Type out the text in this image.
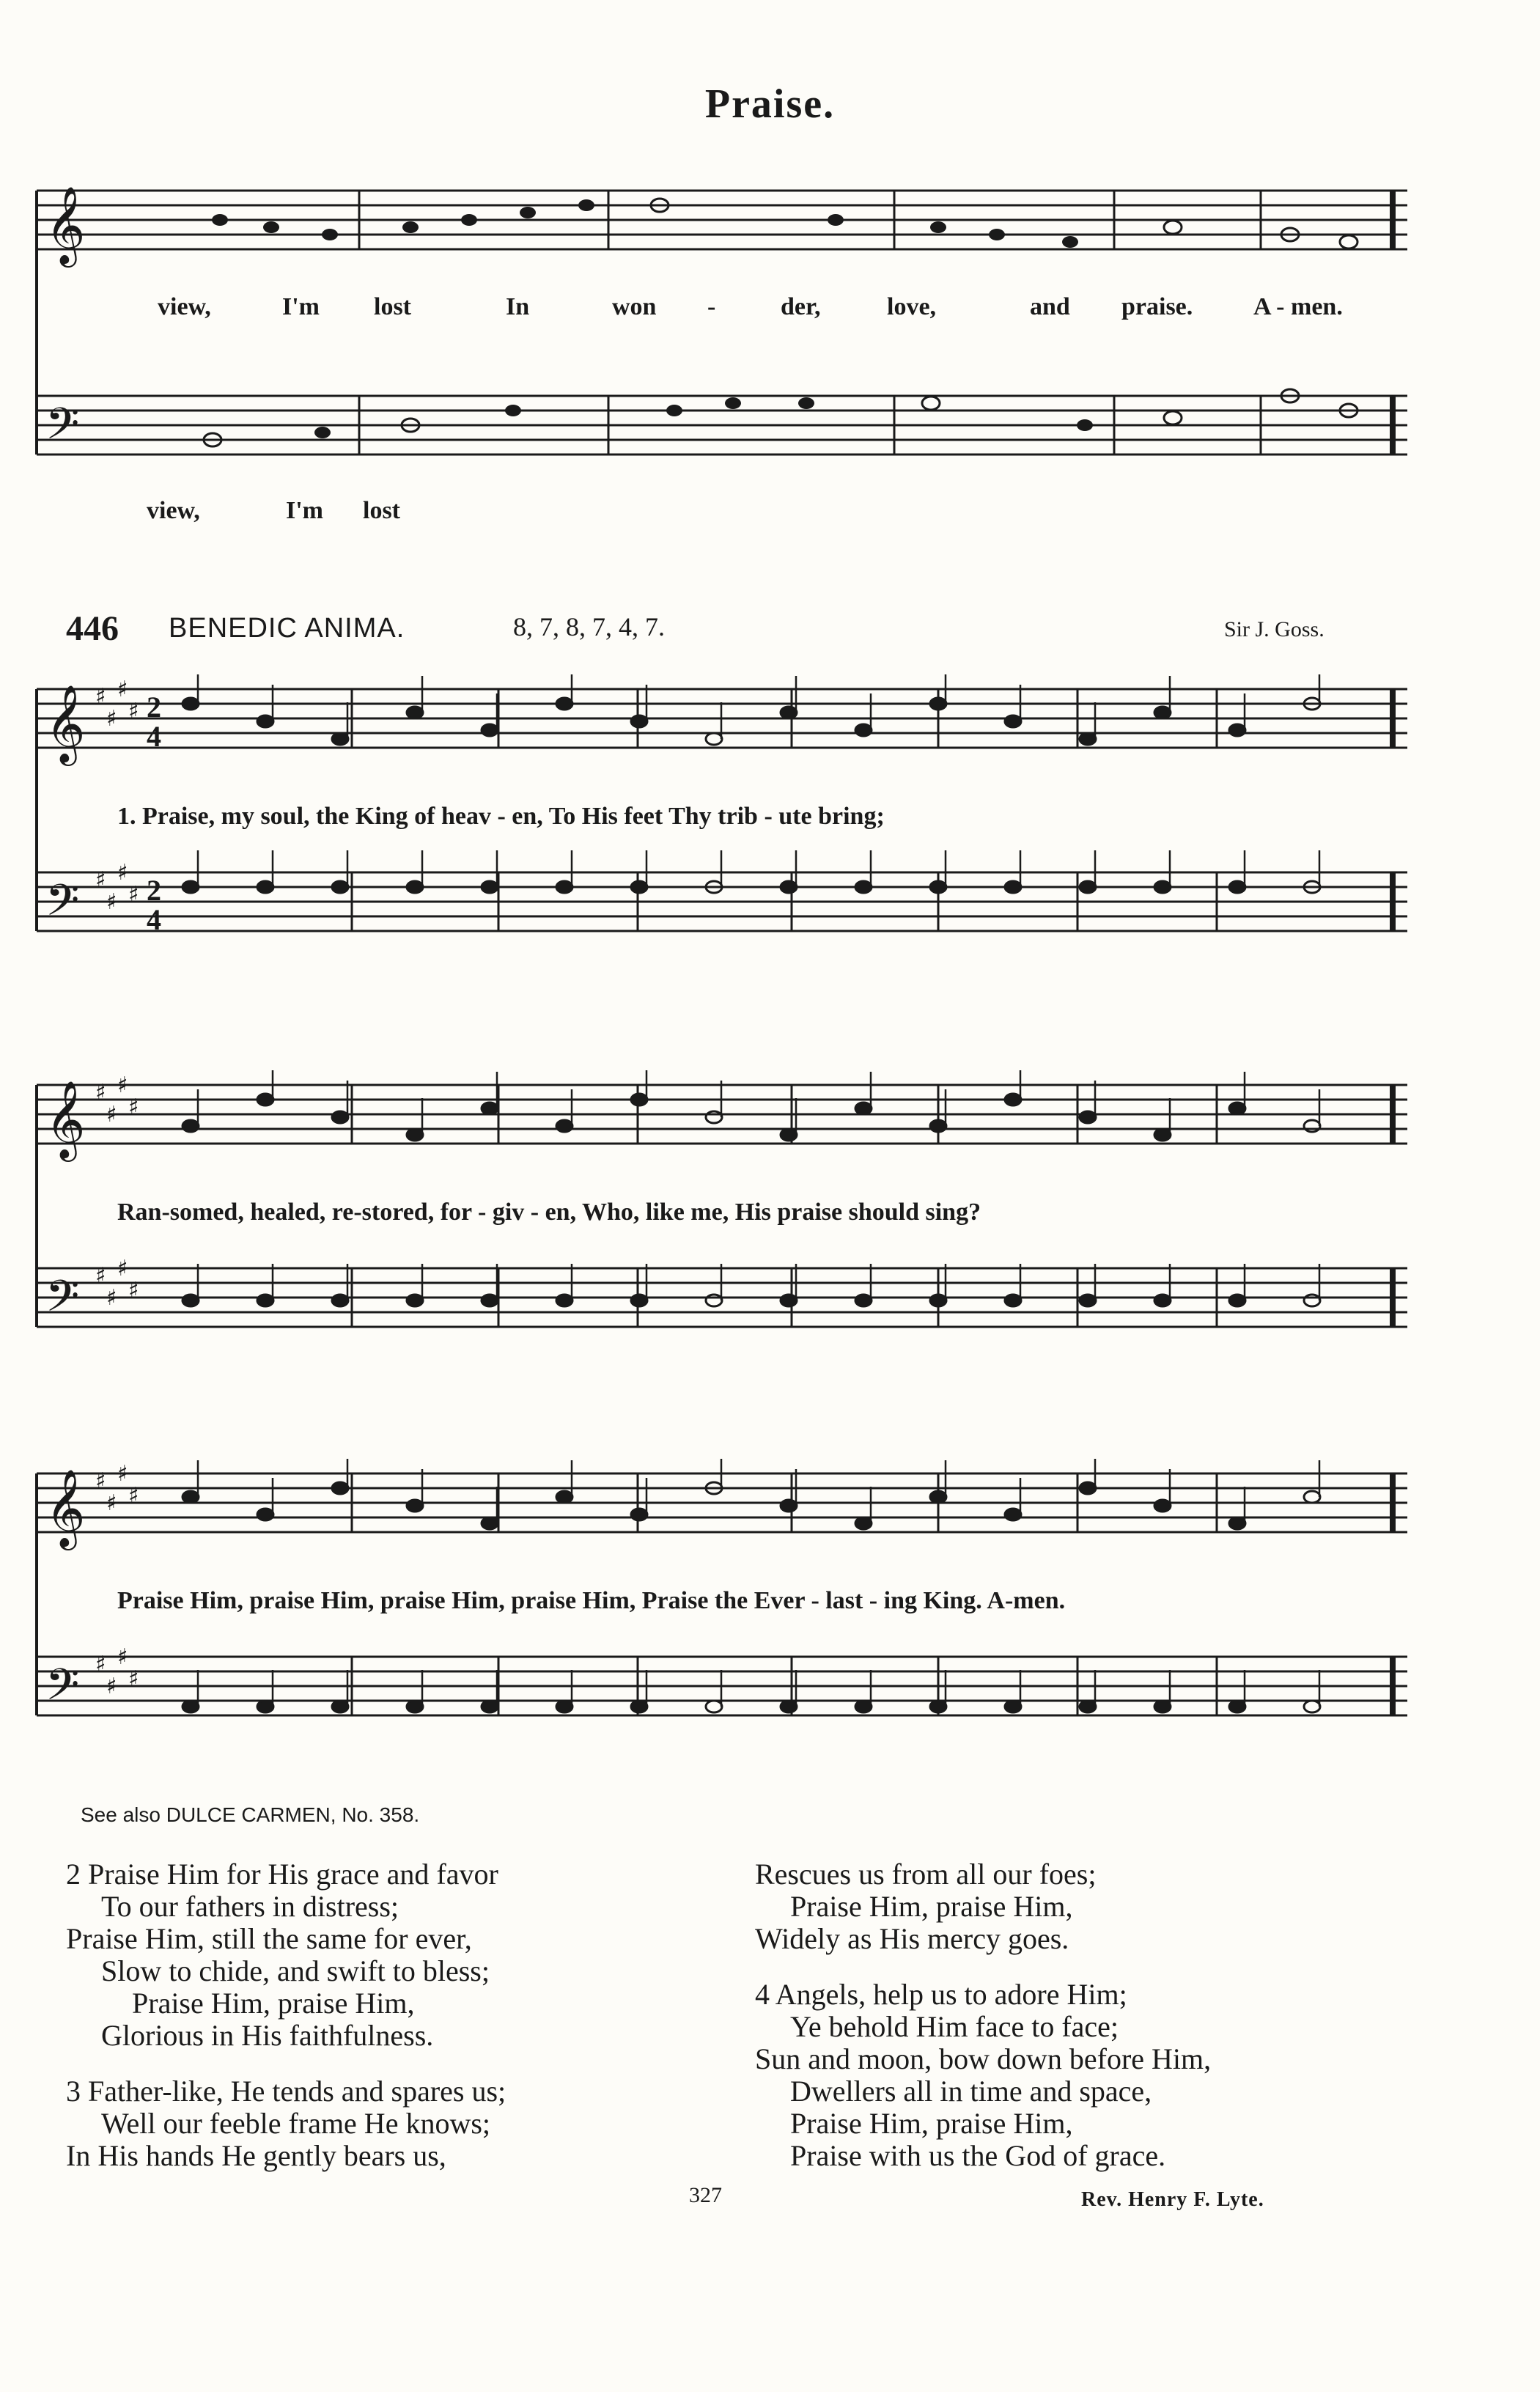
Praise.
𝄞
𝄢
view,	I'm lost	In	won -	der,	love,	and praise. A - men.
view,	I'm lost
446 BENEDIC ANIMA.	8, 7, 8, 7, 4, 7.	Sir J. Goss.
𝄞
𝄢
♯
♯
♯
♯
♯
♯
♯
♯
2
2
4
4
1. Praise, my soul, the King of heav - en, To His feet Thy trib - ute bring;
𝄞
𝄢
♯
♯
♯
♯
♯
♯
♯
♯
Ran-somed, healed, re-stored, for - giv - en, Who, like me, His praise should sing?
𝄞
𝄢
♯
♯
♯
♯
♯
♯
♯
♯
Praise Him, praise Him, praise Him, praise Him, Praise the Ever - last - ing King. A-men.
See also DULCE CARMEN, No. 358.
2 Praise Him for His grace and favor
To our fathers in distress;
Praise Him, still the same for ever,
Slow to chide, and swift to bless;
Praise Him, praise Him,
Glorious in His faithfulness.
3 Father-like, He tends and spares us;
Well our feeble frame He knows;
In His hands He gently bears us,
Rescues us from all our foes;
Praise Him, praise Him,
Widely as His mercy goes.
4 Angels, help us to adore Him;
Ye behold Him face to face;
Sun and moon, bow down before Him,
Dwellers all in time and space,
Praise Him, praise Him,
Praise with us the God of grace.
327	Rev. Henry F. Lyte.
